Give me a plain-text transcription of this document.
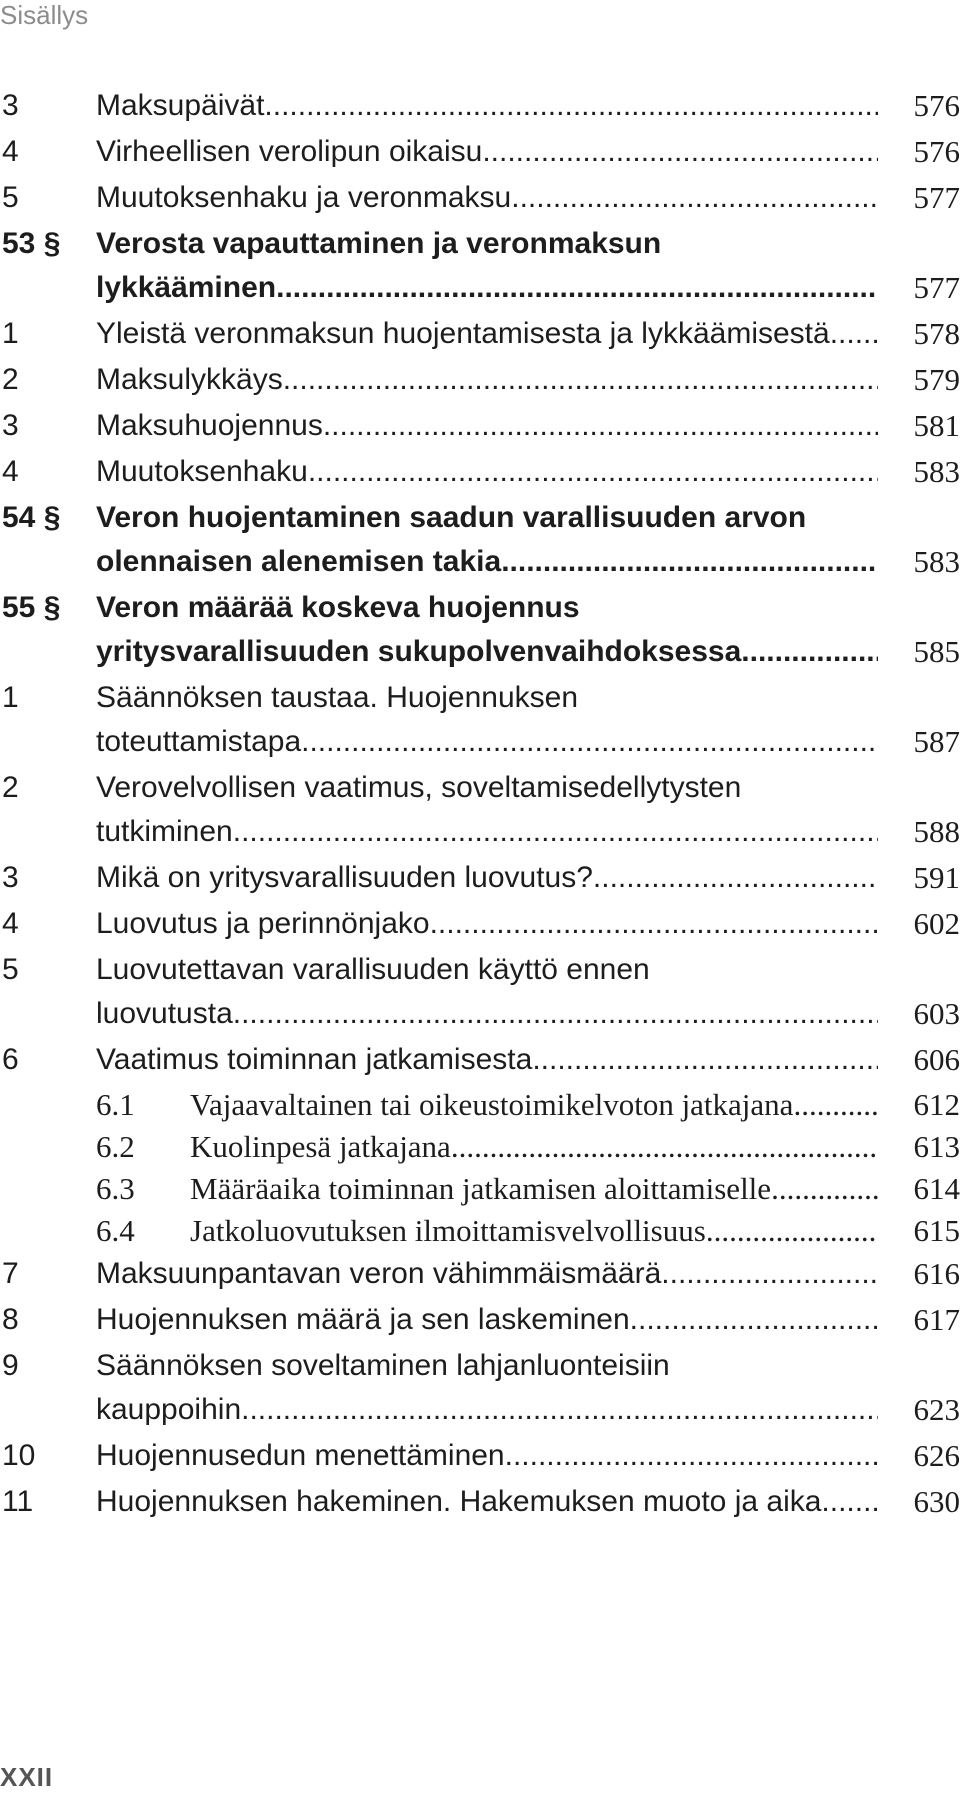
Sisällys
3	Maksupäivät .....	576
4	Virheellisen verolipun oikaisu .....	576
5	Muutoksenhaku ja veronmaksu .....	577
53 § Verosta vapauttaminen ja veronmaksun
lykkääminen .....	577
1	Yleistä veronmaksun huojentamisesta ja lykkäämisestä .....	578
2	Maksulykkäys .....	579
3	Maksuhuojennus .....	581
4	Muutoksenhaku .....	583
54 § Veron huojentaminen saadun varallisuuden arvon
olennaisen alenemisen takia .....	583
55 § Veron määrää koskeva huojennus
yritysvarallisuuden sukupolvenvaihdoksessa .....	585
1	Säännöksen taustaa. Huojennuksen
toteuttamistapa .....	587
2	Verovelvollisen vaatimus, soveltamisedellytysten
tutkiminen .....	588
3	Mikä on yritysvarallisuuden luovutus? .....	591
4	Luovutus ja perinnönjako .....	602
5	Luovutettavan varallisuuden käyttö ennen
luovutusta .....	603
6	Vaatimus toiminnan jatkamisesta .....	606
6.1 Vajaavaltainen tai oikeustoimikelvoton jatkajana .....	612
6.2 Kuolinpesä jatkajana .....	613
6.3 Määräaika toiminnan jatkamisen aloittamiselle .....	614
6.4 Jatkoluovutuksen ilmoittamisvelvollisuus .....	615
7	Maksuunpantavan veron vähimmäismäärä .....	616
8	Huojennuksen määrä ja sen laskeminen .....	617
9	Säännöksen soveltaminen lahjanluonteisiin
kauppoihin .....	623
10 Huojennusedun menettäminen .....	626
11 Huojennuksen hakeminen. Hakemuksen muoto ja aika .....	630
XXII
